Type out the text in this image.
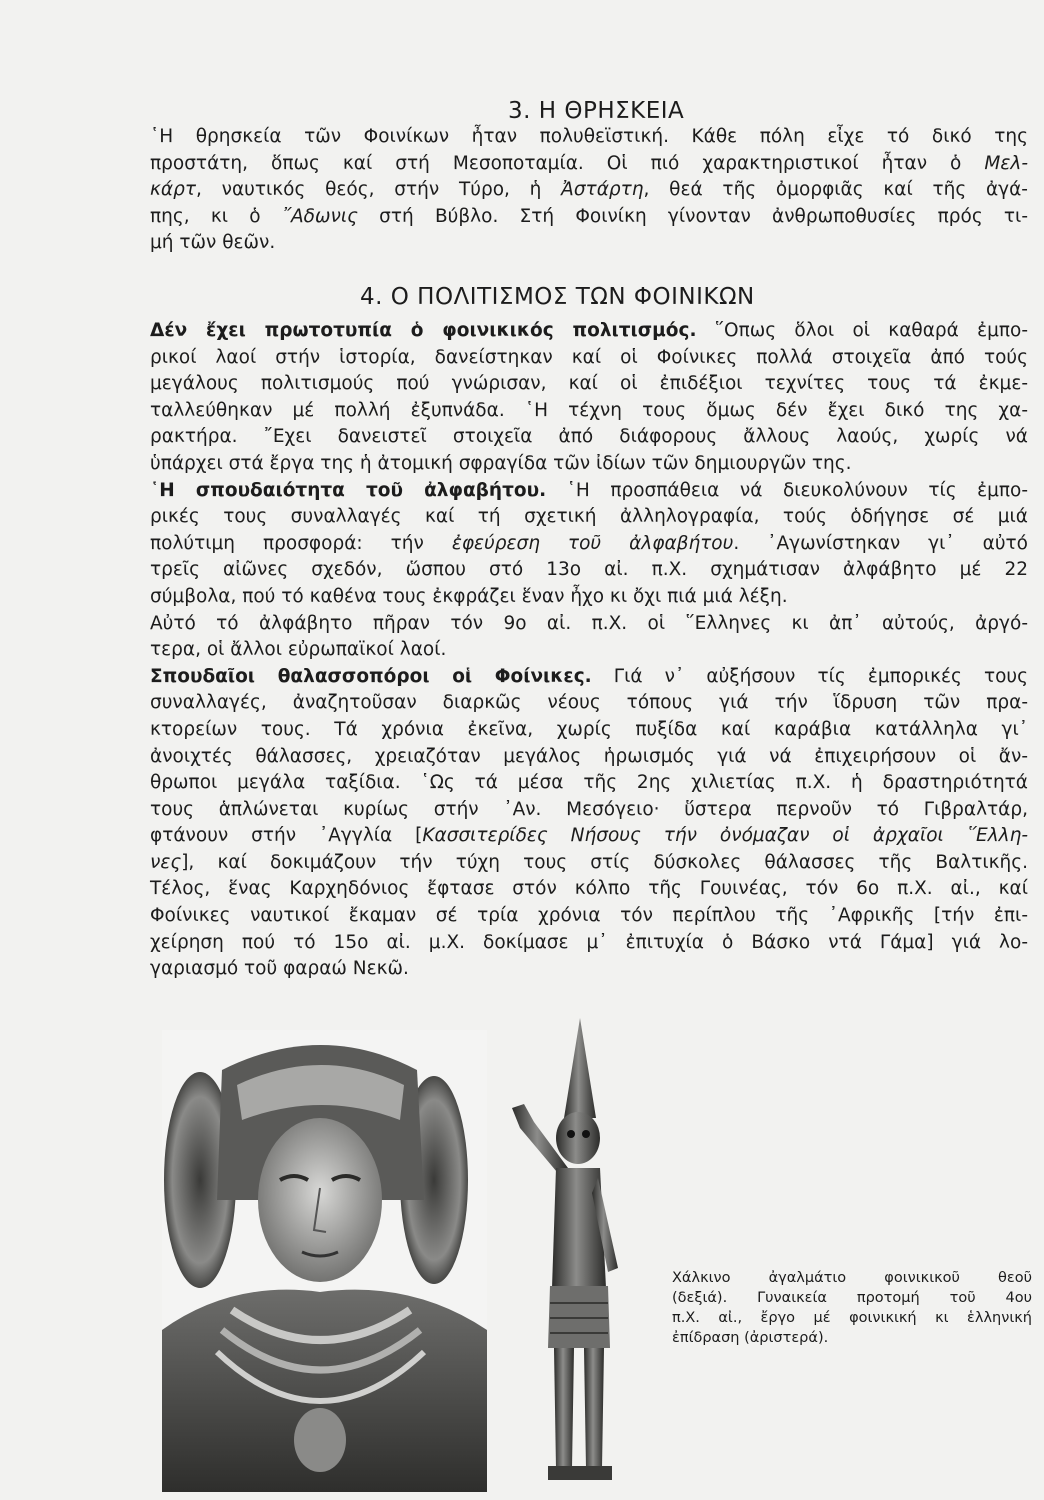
3. Η ΘΡΗΣΚΕΙΑ
῾Η θρησκεία τῶν Φοινίκων ἦταν πολυθεϊστική. Κάθε πόλη εἶχε τό δικό της
προστάτη, ὅπως καί στή Μεσοποταμία. Οἱ πιό χαρακτηριστικοί ἦταν ὁ Μελ-
κάρτ, ναυτικός θεός, στήν Τύρο, ἡ Ἀστάρτη, θεά τῆς ὀμορφιᾶς καί τῆς ἀγά-
πης, κι ὁ ῎Αδωνις στή Βύβλο. Στή Φοινίκη γίνονταν ἀνθρωποθυσίες πρός τι-
μή τῶν θεῶν.
4. Ο ΠΟΛΙΤΙΣΜΟΣ ΤΩΝ ΦΟΙΝΙΚΩΝ
Δέν ἔχει πρωτοτυπία ὁ φοινικικός πολιτισμός. ῞Οπως ὅλοι οἱ καθαρά ἐμπο-
ρικοί λαοί στήν ἱστορία, δανείστηκαν καί οἱ Φοίνικες πολλά στοιχεῖα ἀπό τούς
μεγάλους πολιτισμούς πού γνώρισαν, καί οἱ ἐπιδέξιοι τεχνίτες τους τά ἐκμε-
ταλλεύθηκαν μέ πολλή ἐξυπνάδα. ῾Η τέχνη τους ὅμως δέν ἔχει δικό της χα-
ρακτήρα. ῎Εχει δανειστεῖ στοιχεῖα ἀπό διάφορους ἄλλους λαούς, χωρίς νά
ὑπάρχει στά ἔργα της ἡ ἀτομική σφραγίδα τῶν ἰδίων τῶν δημιουργῶν της.
῾Η σπουδαιότητα τοῦ ἀλφαβήτου. ῾Η προσπάθεια νά διευκολύνουν τίς ἐμπο-
ρικές τους συναλλαγές καί τή σχετική ἀλληλογραφία, τούς ὁδήγησε σέ μιά
πολύτιμη προσφορά: τήν ἐφεύρεση τοῦ ἀλφαβήτου. ᾿Αγωνίστηκαν γι᾿ αὐτό
τρεῖς αἰῶνες σχεδόν, ὥσπου στό 13ο αἰ. π.Χ. σχημάτισαν ἀλφάβητο μέ 22
σύμβολα, πού τό καθένα τους ἐκφράζει ἕναν ἦχο κι ὄχι πιά μιά λέξη.
Αὐτό τό ἀλφάβητο πῆραν τόν 9ο αἰ. π.Χ. οἱ ῞Ελληνες κι ἀπ᾿ αὐτούς, ἀργό-
τερα, οἱ ἄλλοι εὐρωπαϊκοί λαοί.
Σπουδαῖοι θαλασσοπόροι οἱ Φοίνικες. Γιά ν᾿ αὐξήσουν τίς ἐμπορικές τους
συναλλαγές, ἀναζητοῦσαν διαρκῶς νέους τόπους γιά τήν ἵδρυση τῶν πρα-
κτορείων τους. Τά χρόνια ἐκεῖνα, χωρίς πυξίδα καί καράβια κατάλληλα γι᾿
ἀνοιχτές θάλασσες, χρειαζόταν μεγάλος ἡρωισμός γιά νά ἐπιχειρήσουν οἱ ἄν-
θρωποι μεγάλα ταξίδια. ῾Ως τά μέσα τῆς 2ης χιλιετίας π.Χ. ἡ δραστηριότητά
τους ἁπλώνεται κυρίως στήν ᾿Αν. Μεσόγειο· ὕστερα περνοῦν τό Γιβραλτάρ,
φτάνουν στήν ᾿Αγγλία [Κασσιτερίδες Νήσους τήν ὀνόμαζαν οἱ ἀρχαῖοι ῞Ελλη-
νες], καί δοκιμάζουν τήν τύχη τους στίς δύσκολες θάλασσες τῆς Βαλτικῆς.
Τέλος, ἕνας Καρχηδόνιος ἔφτασε στόν κόλπο τῆς Γουινέας, τόν 6ο π.Χ. αἰ., καί
Φοίνικες ναυτικοί ἔκαμαν σέ τρία χρόνια τόν περίπλου τῆς ᾿Αφρικῆς [τήν ἐπι-
χείρηση πού τό 15ο αἰ. μ.Χ. δοκίμασε μ᾿ ἐπιτυχία ὁ Βάσκο ντά Γάμα] γιά λο-
γαριασμό τοῦ φαραώ Νεκῶ.
Χάλκινο ἀγαλμάτιο φοινικικοῦ θεοῦ
(δεξιά). Γυναικεία προτομή τοῦ 4ου
π.Χ. αἰ., ἔργο μέ φοινικική κι ἑλληνική
ἐπίδραση (ἀριστερά).
